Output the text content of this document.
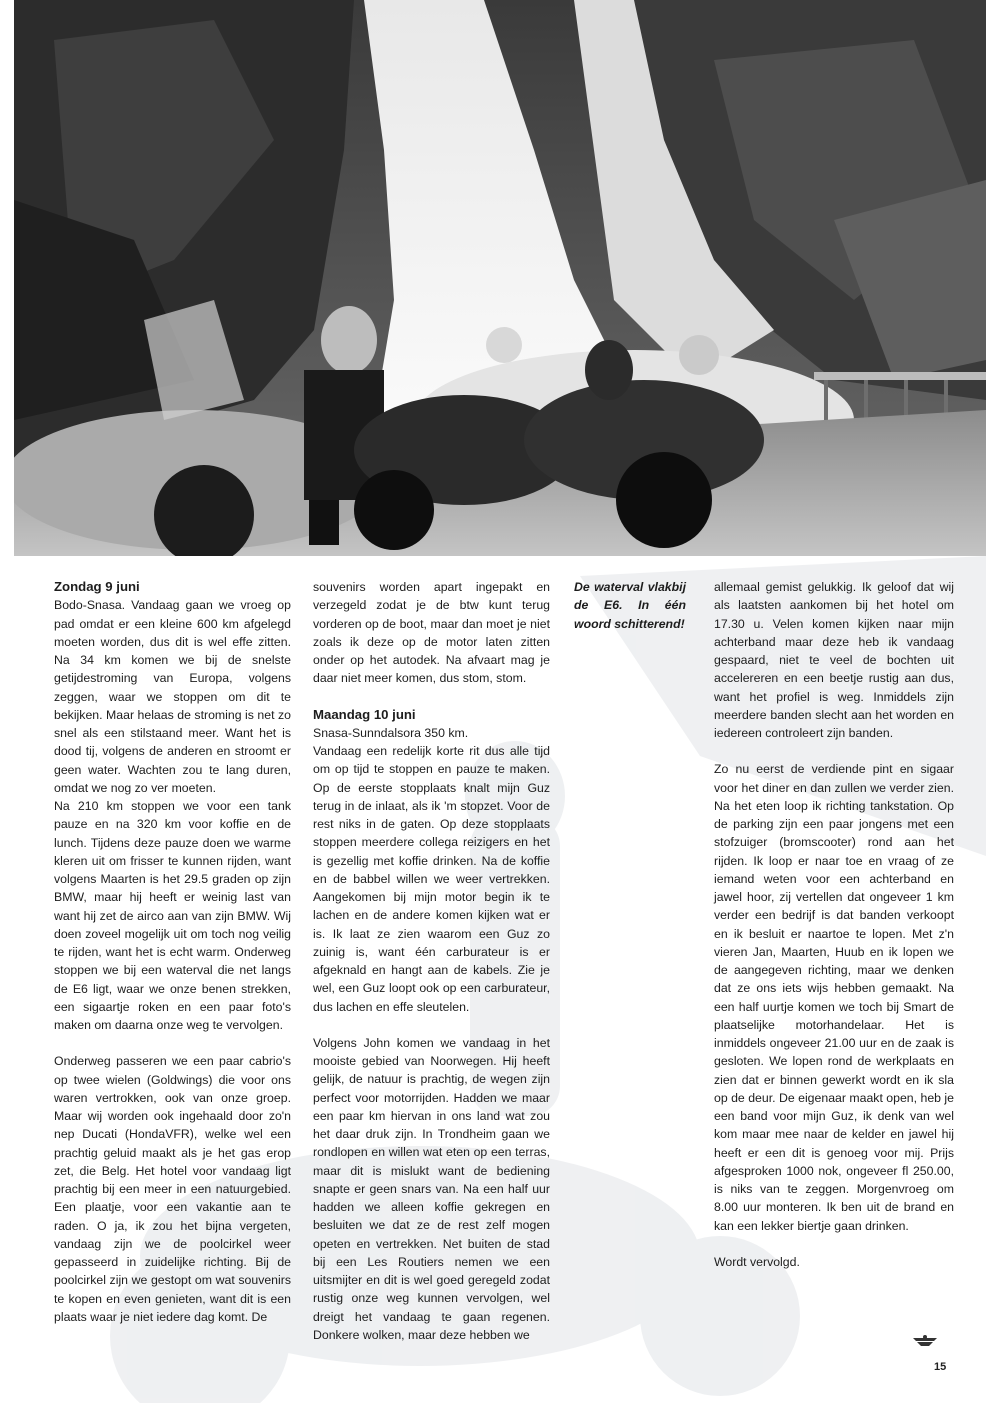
Zondag 9 juni

Bodo-Snasa. Vandaag gaan we vroeg op pad omdat er een kleine 600 km afgelegd moeten worden, dus dit is wel effe zitten. Na 34 km komen we bij de snelste getijdestroming van Europa, volgens zeggen, waar we stoppen om dit te bekijken. Maar helaas de stroming is net zo snel als een stilstaand meer. Want het is dood tij, volgens de anderen en stroomt er geen water. Wachten zou te lang duren, omdat we nog zo ver moeten.

Na 210 km stoppen we voor een tank pauze en na 320 km voor koffie en de lunch. Tijdens deze pauze doen we warme kleren uit om frisser te kunnen rijden, want volgens Maarten is het 29.5 graden op zijn BMW, maar hij heeft er weinig last van want hij zet de airco aan van zijn BMW. Wij doen zoveel mogelijk uit om toch nog veilig te rijden, want het is echt warm. Onderweg stoppen we bij een waterval die net langs de E6 ligt, waar we onze benen strekken, een sigaartje roken en een paar foto's maken om daarna onze weg te vervolgen.

Onderweg passeren we een paar cabrio's op twee wielen (Goldwings) die voor ons waren vertrokken, ook van onze groep. Maar wij worden ook ingehaald door zo'n nep Ducati (HondaVFR), welke wel een prachtig geluid maakt als je het gas erop zet, die Belg. Het hotel voor vandaag ligt prachtig bij een meer in een natuurgebied. Een plaatje, voor een vakantie aan te raden. O ja, ik zou het bijna vergeten, vandaag zijn we de poolcirkel weer gepasseerd in zuidelijke richting. Bij de poolcirkel zijn we gestopt om wat souvenirs te kopen en even genieten, want dit is een plaats waar je niet iedere dag komt. De

souvenirs worden apart ingepakt en verzegeld zodat je de btw kunt terug vorderen op de boot, maar dan moet je niet zoals ik deze op de motor laten zitten onder op het autodek. Na afvaart mag je daar niet meer komen, dus stom, stom.

Maandag 10 juni

Snasa-Sunndalsora 350 km.

Vandaag een redelijk korte rit dus alle tijd om op tijd te stoppen en pauze te maken. Op de eerste stopplaats knalt mijn Guz terug in de inlaat, als ik 'm stopzet. Voor de rest niks in de gaten. Op deze stopplaats stoppen meerdere collega reizigers en het is gezellig met koffie drinken. Na de koffie en de babbel willen we weer vertrekken. Aangekomen bij mijn motor begin ik te lachen en de andere komen kijken wat er is. Ik laat ze zien waarom een Guz zo zuinig is, want één carburateur is er afgeknald en hangt aan de kabels. Zie je wel, een Guz loopt ook op een carburateur, dus lachen en effe sleutelen.

Volgens John komen we vandaag in het mooiste gebied van Noorwegen. Hij heeft gelijk, de natuur is prachtig, de wegen zijn perfect voor motorrijden. Hadden we maar een paar km hiervan in ons land wat zou het daar druk zijn. In Trondheim gaan we rondlopen en willen wat eten op een terras, maar dit is mislukt want de bediening snapte er geen snars van. Na een half uur hadden we alleen koffie gekregen en besluiten we dat ze de rest zelf mogen opeten en vertrekken. Net buiten de stad bij een Les Routiers nemen we een uitsmijter en dit is wel goed geregeld zodat rustig onze weg kunnen vervolgen, wel dreigt het vandaag te gaan regenen. Donkere wolken, maar deze hebben we

De waterval vlakbij de E6. In één woord schitterend!

allemaal gemist gelukkig. Ik geloof dat wij als laatsten aankomen bij het hotel om 17.30 u. Velen komen kijken naar mijn achterband maar deze heb ik vandaag gespaard, niet te veel de bochten uit accelereren en een beetje rustig aan dus, want het profiel is weg. Inmiddels zijn meerdere banden slecht aan het worden en iedereen controleert zijn banden.

Zo nu eerst de verdiende pint en sigaar voor het diner en dan zullen we verder zien. Na het eten loop ik richting tankstation. Op de parking zijn een paar jongens met een stofzuiger (bromscooter) rond aan het rijden. Ik loop er naar toe en vraag of ze iemand weten voor een achterband en jawel hoor, zij vertellen dat ongeveer 1 km verder een bedrijf is dat banden verkoopt en ik besluit er naartoe te lopen. Met z'n vieren Jan, Maarten, Huub en ik lopen we de aangegeven richting, maar we denken dat ze ons iets wijs hebben gemaakt. Na een half uurtje komen we toch bij Smart de plaatselijke motorhandelaar. Het is inmiddels ongeveer 21.00 uur en de zaak is gesloten. We lopen rond de werkplaats en zien dat er binnen gewerkt wordt en ik sla op de deur. De eigenaar maakt open, heb je een band voor mijn Guz, ik denk van wel kom maar mee naar de kelder en jawel hij heeft er een dit is genoeg voor mij. Prijs afgesproken 1000 nok, ongeveer fl 250.00, is niks van te zeggen. Morgenvroeg om 8.00 uur monteren. Ik ben uit de brand en kan een lekker biertje gaan drinken.

Wordt vervolgd.

15
